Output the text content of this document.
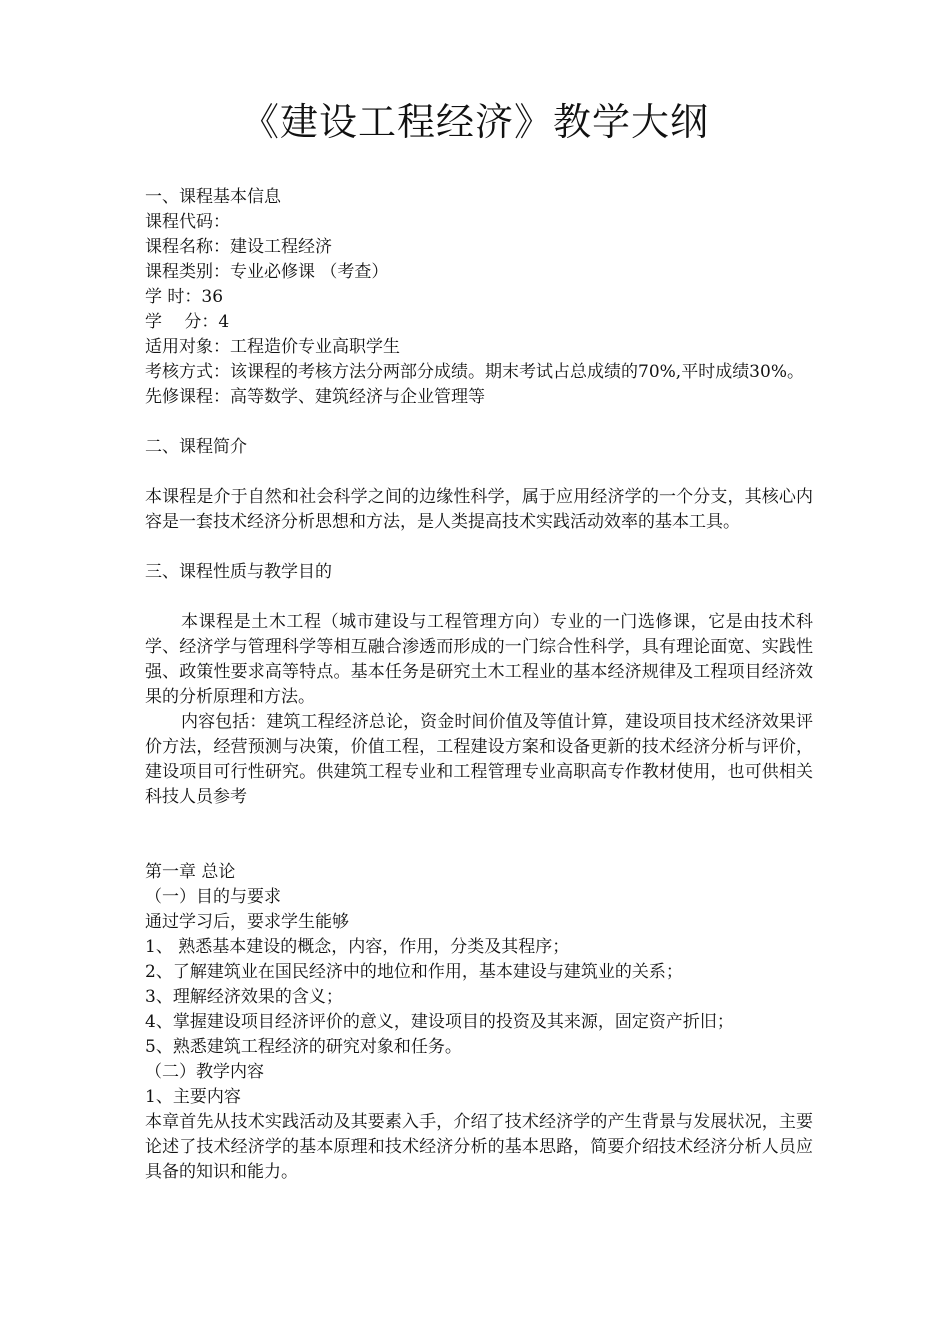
《建设工程经济》教学大纲
一、课程基本信息
课程代码：
课程名称：建设工程经济
课程类别：专业必修课 （考查）
学 时：36
学　 分：4
适用对象：工程造价专业高职学生
考核方式：该课程的考核方法分两部分成绩。期末考试占总成绩的70%,平时成绩30%。
先修课程：高等数学、建筑经济与企业管理等
二、课程简介
本课程是介于自然和社会科学之间的边缘性科学，属于应用经济学的一个分支，其核心内容是一套技术经济分析思想和方法，是人类提高技术实践活动效率的基本工具。
三、课程性质与教学目的
本课程是土木工程（城市建设与工程管理方向）专业的一门选修课，它是由技术科学、经济学与管理科学等相互融合渗透而形成的一门综合性科学，具有理论面宽、实践性强、政策性要求高等特点。基本任务是研究土木工程业的基本经济规律及工程项目经济效果的分析原理和方法。
内容包括：建筑工程经济总论，资金时间价值及等值计算，建设项目技术经济效果评价方法，经营预测与决策，价值工程，工程建设方案和设备更新的技术经济分析与评价，建设项目可行性研究。供建筑工程专业和工程管理专业高职高专作教材使用，也可供相关科技人员参考
第一章 总论
（一）目的与要求
通过学习后，要求学生能够
1、 熟悉基本建设的概念，内容，作用，分类及其程序；
2、了解建筑业在国民经济中的地位和作用，基本建设与建筑业的关系；
3、理解经济效果的含义；
4、掌握建设项目经济评价的意义，建设项目的投资及其来源，固定资产折旧；
5、熟悉建筑工程经济的研究对象和任务。
（二）教学内容
1、主要内容
本章首先从技术实践活动及其要素入手，介绍了技术经济学的产生背景与发展状况，主要论述了技术经济学的基本原理和技术经济分析的基本思路，简要介绍技术经济分析人员应具备的知识和能力。
